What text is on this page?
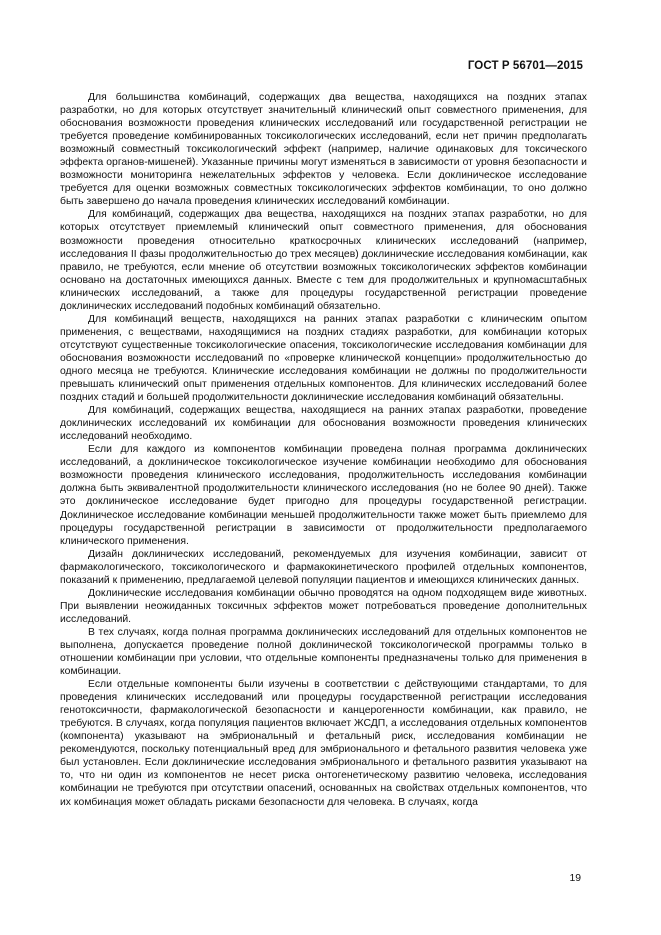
ГОСТ Р 56701—2015

Для большинства комбинаций, содержащих два вещества, находящихся на поздних этапах разработки, но для которых отсутствует значительный клинический опыт совместного применения, для обоснования возможности проведения клинических исследований или государственной регистрации не требуется проведение комбинированных токсикологических исследований, если нет причин предполагать возможный совместный токсикологический эффект (например, наличие одинаковых для токсического эффекта органов-мишеней). Указанные причины могут изменяться в зависимости от уровня безопасности и возможности мониторинга нежелательных эффектов у человека. Если доклиническое исследование требуется для оценки возможных совместных токсикологических эффектов комбинации, то оно должно быть завершено до начала проведения клинических исследований комбинации.

Для комбинаций, содержащих два вещества, находящихся на поздних этапах разработки, но для которых отсутствует приемлемый клинический опыт совместного применения, для обоснования возможности проведения относительно краткосрочных клинических исследований (например, исследования II фазы продолжительностью до трех месяцев) доклинические исследования комбинации, как правило, не требуются, если мнение об отсутствии возможных токсикологических эффектов комбинации основано на достаточных имеющихся данных. Вместе с тем для продолжительных и крупномасштабных клинических исследований, а также для процедуры государственной регистрации проведение доклинических исследований подобных комбинаций обязательно.

Для комбинаций веществ, находящихся на ранних этапах разработки с клиническим опытом применения, с веществами, находящимися на поздних стадиях разработки, для комбинации которых отсутствуют существенные токсикологические опасения, токсикологические исследования комбинации для обоснования возможности исследований по «проверке клинической концепции» продолжительностью до одного месяца не требуются. Клинические исследования комбинации не должны по продолжительности превышать клинический опыт применения отдельных компонентов. Для клинических исследований более поздних стадий и большей продолжительности доклинические исследования комбинаций обязательны.

Для комбинаций, содержащих вещества, находящиеся на ранних этапах разработки, проведение доклинических исследований их комбинации для обоснования возможности проведения клинических исследований необходимо.

Если для каждого из компонентов комбинации проведена полная программа доклинических исследований, а доклиническое токсикологическое изучение комбинации необходимо для обоснования возможности проведения клинического исследования, продолжительность исследования комбинации должна быть эквивалентной продолжительности клинического исследования (но не более 90 дней). Также это доклиническое исследование будет пригодно для процедуры государственной регистрации. Доклиническое исследование комбинации меньшей продолжительности также может быть приемлемо для процедуры государственной регистрации в зависимости от продолжительности предполагаемого клинического применения.

Дизайн доклинических исследований, рекомендуемых для изучения комбинации, зависит от фармакологического, токсикологического и фармакокинетического профилей отдельных компонентов, показаний к применению, предлагаемой целевой популяции пациентов и имеющихся клинических данных.

Доклинические исследования комбинации обычно проводятся на одном подходящем виде животных. При выявлении неожиданных токсичных эффектов может потребоваться проведение дополнительных исследований.

В тех случаях, когда полная программа доклинических исследований для отдельных компонентов не выполнена, допускается проведение полной доклинической токсикологической программы только в отношении комбинации при условии, что отдельные компоненты предназначены только для применения в комбинации.

Если отдельные компоненты были изучены в соответствии с действующими стандартами, то для проведения клинических исследований или процедуры государственной регистрации исследования генотоксичности, фармакологической безопасности и канцерогенности комбинации, как правило, не требуются. В случаях, когда популяция пациентов включает ЖСДП, а исследования отдельных компонентов (компонента) указывают на эмбриональный и фетальный риск, исследования комбинации не рекомендуются, поскольку потенциальный вред для эмбрионального и фетального развития человека уже был установлен. Если доклинические исследования эмбрионального и фетального развития указывают на то, что ни один из компонентов не несет риска онтогенетическому развитию человека, исследования комбинации не требуются при отсутствии опасений, основанных на свойствах отдельных компонентов, что их комбинация может обладать рисками безопасности для человека. В случаях, когда

19
